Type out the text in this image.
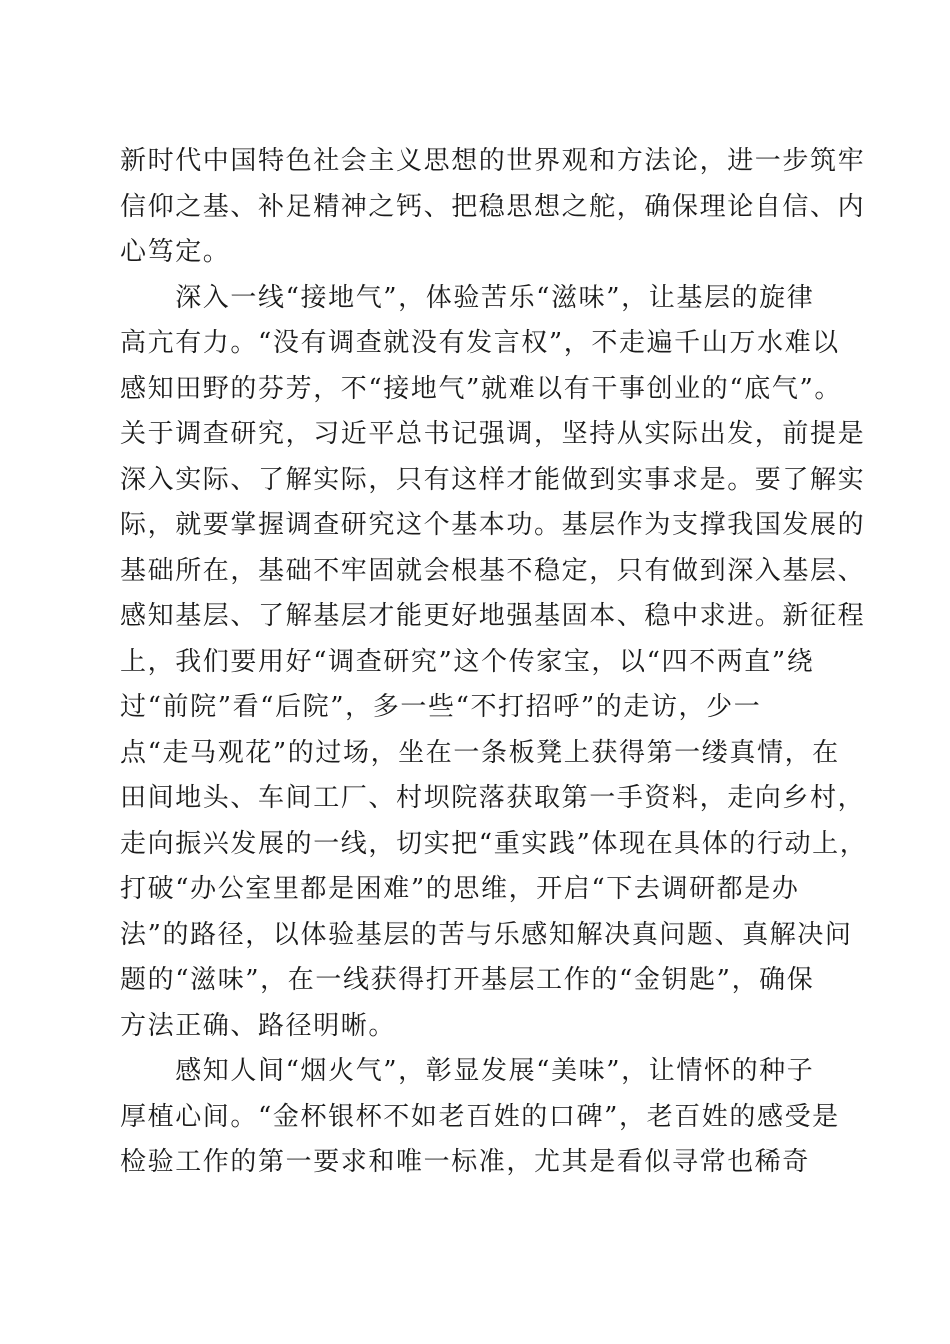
新时代中国特色社会主义思想的世界观和方法论，进一步筑牢
信仰之基、补足精神之钙、把稳思想之舵，确保理论自信、内
心笃定。
　　深入一线“接地气”，体验苦乐“滋味”，让基层的旋律
高亢有力。“没有调查就没有发言权”，不走遍千山万水难以
感知田野的芬芳，不“接地气”就难以有干事创业的“底气”。
关于调查研究，习近平总书记强调，坚持从实际出发，前提是
深入实际、了解实际，只有这样才能做到实事求是。要了解实
际，就要掌握调查研究这个基本功。基层作为支撑我国发展的
基础所在，基础不牢固就会根基不稳定，只有做到深入基层、
感知基层、了解基层才能更好地强基固本、稳中求进。新征程
上，我们要用好“调查研究”这个传家宝，以“四不两直”绕
过“前院”看“后院”，多一些“不打招呼”的走访，少一
点“走马观花”的过场，坐在一条板凳上获得第一缕真情，在
田间地头、车间工厂、村坝院落获取第一手资料，走向乡村，
走向振兴发展的一线，切实把“重实践”体现在具体的行动上，
打破“办公室里都是困难”的思维，开启“下去调研都是办
法”的路径，以体验基层的苦与乐感知解决真问题、真解决问
题的“滋味”，在一线获得打开基层工作的“金钥匙”，确保
方法正确、路径明晰。
　　感知人间“烟火气”，彰显发展“美味”，让情怀的种子
厚植心间。“金杯银杯不如老百姓的口碑”，老百姓的感受是
检验工作的第一要求和唯一标准，尤其是看似寻常也稀奇
